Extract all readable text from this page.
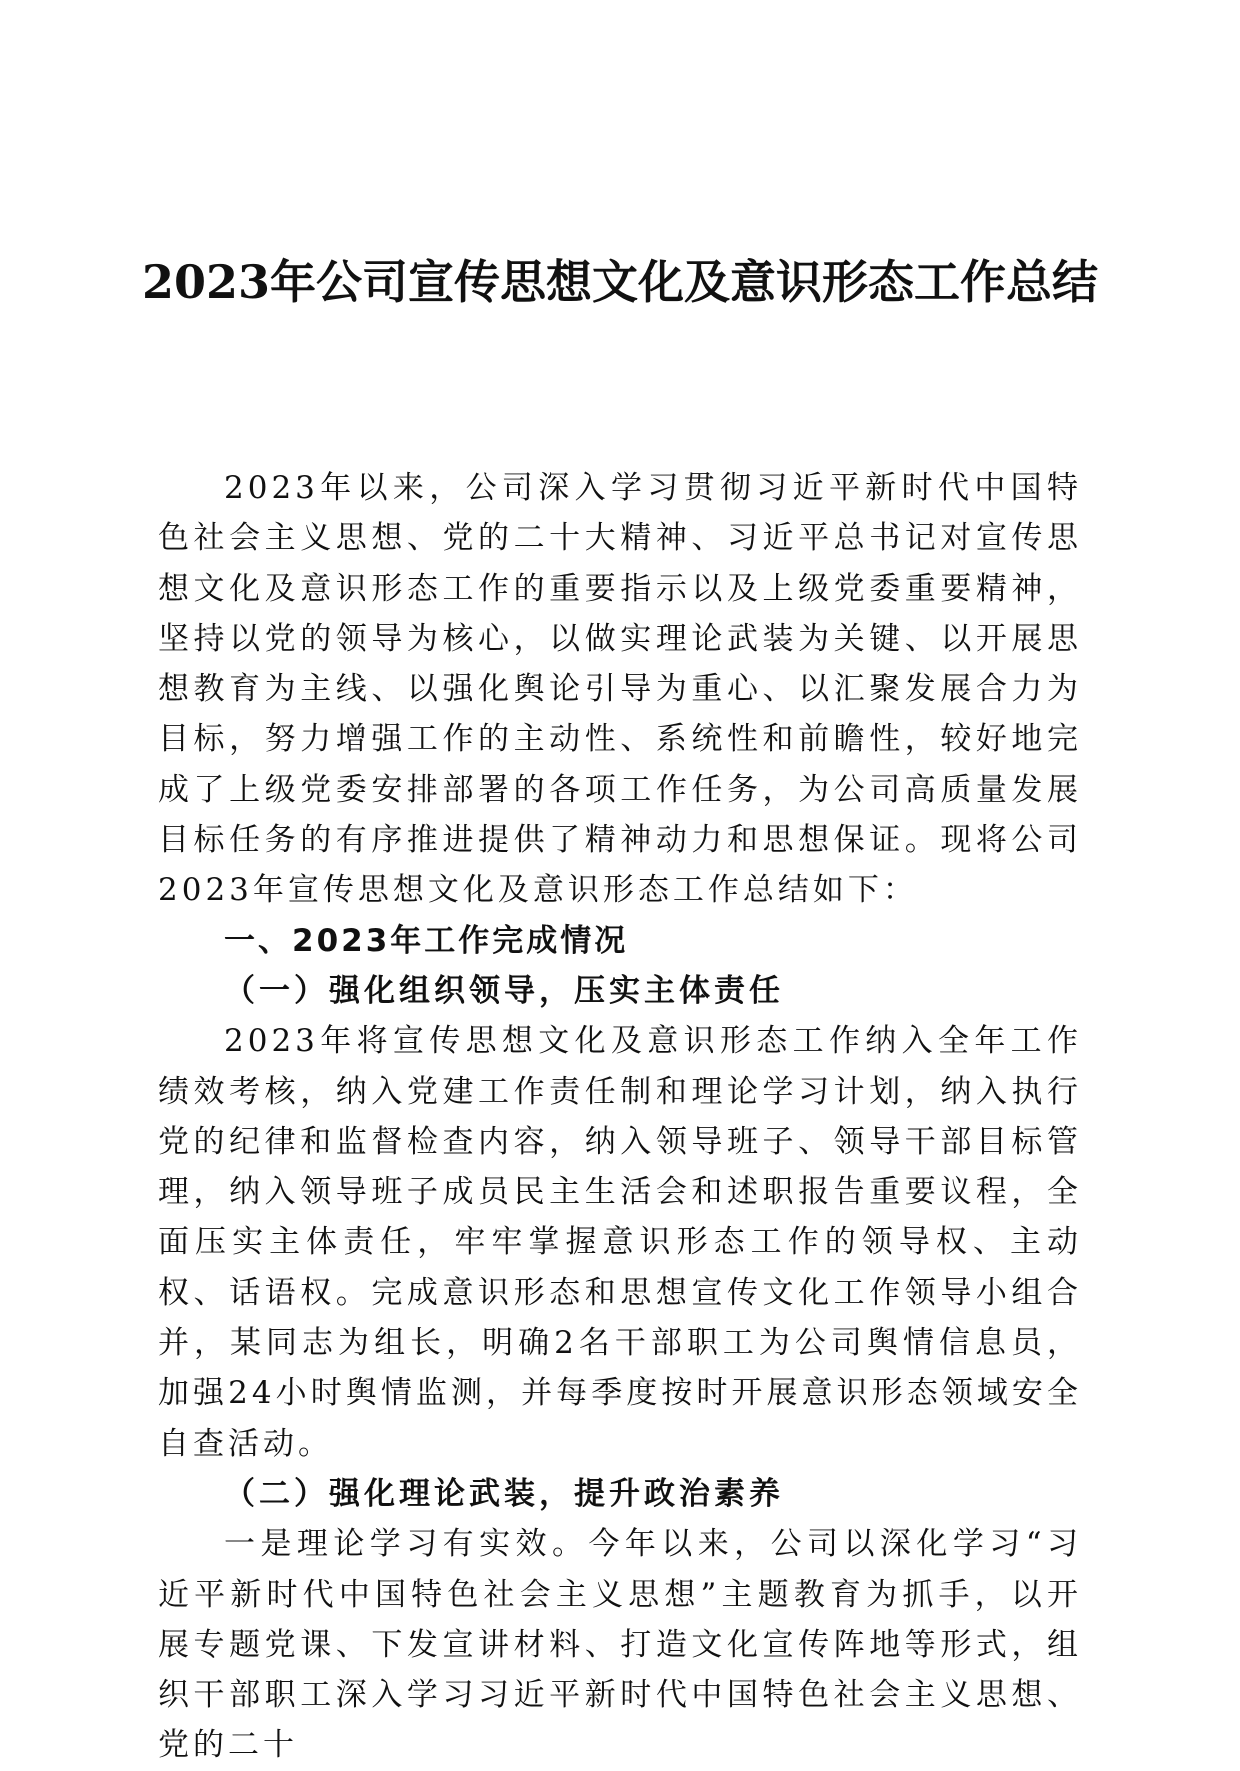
2023年公司宣传思想文化及意识形态工作总结

2023年以来，公司深入学习贯彻习近平新时代中国特色社会主义思想、党的二十大精神、习近平总书记对宣传思想文化及意识形态工作的重要指示以及上级党委重要精神，坚持以党的领导为核心，以做实理论武装为关键、以开展思想教育为主线、以强化舆论引导为重心、以汇聚发展合力为目标，努力增强工作的主动性、系统性和前瞻性，较好地完成了上级党委安排部署的各项工作任务，为公司高质量发展目标任务的有序推进提供了精神动力和思想保证。现将公司2023年宣传思想文化及意识形态工作总结如下：

一、2023年工作完成情况

（一）强化组织领导，压实主体责任

2023年将宣传思想文化及意识形态工作纳入全年工作绩效考核，纳入党建工作责任制和理论学习计划，纳入执行党的纪律和监督检查内容，纳入领导班子、领导干部目标管理，纳入领导班子成员民主生活会和述职报告重要议程，全面压实主体责任，牢牢掌握意识形态工作的领导权、主动权、话语权。完成意识形态和思想宣传文化工作领导小组合并，某同志为组长，明确2名干部职工为公司舆情信息员，加强24小时舆情监测，并每季度按时开展意识形态领域安全自查活动。

（二）强化理论武装，提升政治素养

一是理论学习有实效。今年以来，公司以深化学习“习近平新时代中国特色社会主义思想”主题教育为抓手，以开展专题党课、下发宣讲材料、打造文化宣传阵地等形式，组织干部职工深入学习习近平新时代中国特色社会主义思想、党的二十
